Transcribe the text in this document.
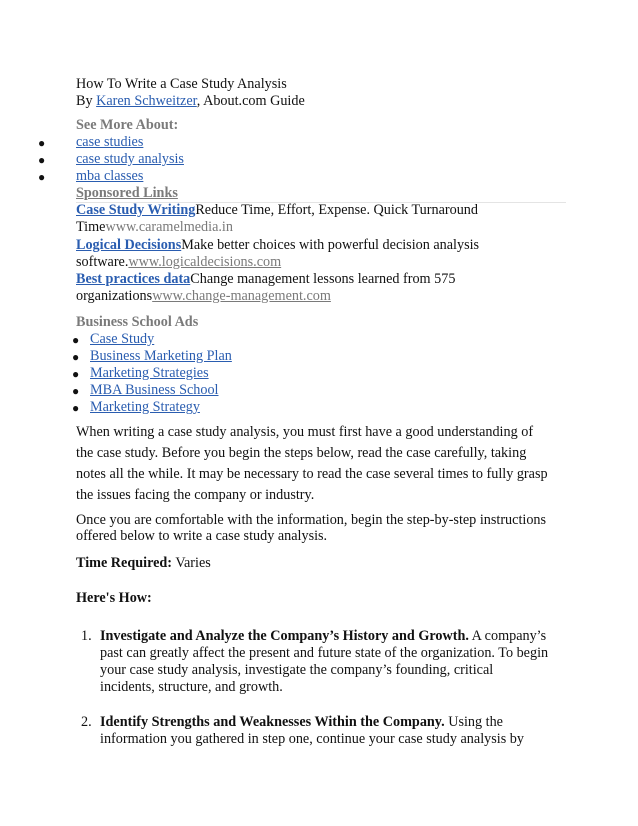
How To Write a Case Study Analysis
By Karen Schweitzer, About.com Guide
See More About:
● case studies
● case study analysis
● mba classes
Sponsored Links
Case Study WritingReduce Time, Effort, Expense. Quick Turnaround
Timewww.caramelmedia.in
Logical DecisionsMake better choices with powerful decision analysis
software.www.logicaldecisions.com
Best practices dataChange management lessons learned from 575
organizationswww.change-management.com
Business School Ads
● Case Study
● Business Marketing Plan
● Marketing Strategies
● MBA Business School
● Marketing Strategy
When writing a case study analysis, you must first have a good understanding of
the case study. Before you begin the steps below, read the case carefully, taking
notes all the while. It may be necessary to read the case several times to fully grasp
the issues facing the company or industry.
Once you are comfortable with the information, begin the step-by-step instructions
offered below to write a case study analysis.
Time Required: Varies
Here's How:
1. Investigate and Analyze the Company’s History and Growth. A company’s
past can greatly affect the present and future state of the organization. To begin
your case study analysis, investigate the company’s founding, critical
incidents, structure, and growth.
2. Identify Strengths and Weaknesses Within the Company. Using the
information you gathered in step one, continue your case study analysis by
